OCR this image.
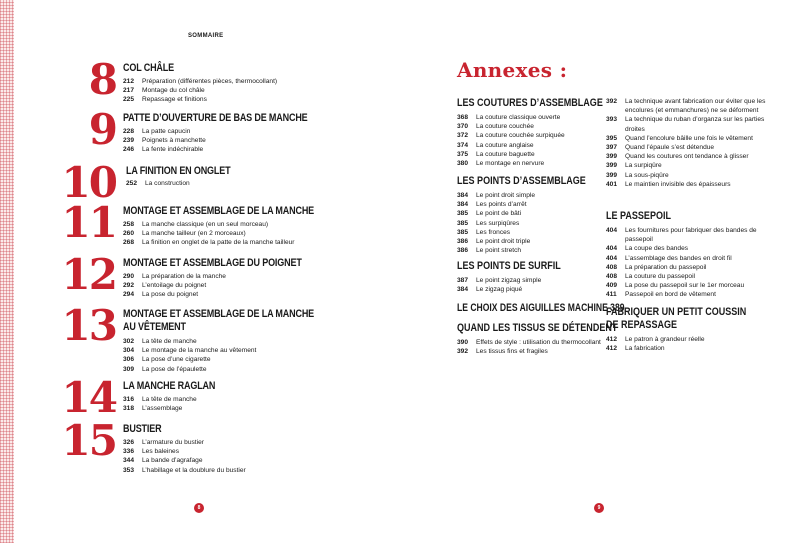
SOMMAIRE
8 COL CHÂLE
212	Préparation (différentes pièces, thermocollant)
217	Montage du col châle
225	Repassage et finitions
9 PATTE D’OUVERTURE DE BAS DE MANCHE
228	La patte capucin
239	Poignets à manchette
246	La fente indéchirable
10 LA FINITION EN ONGLET
252	La construction
11 MONTAGE ET ASSEMBLAGE DE LA MANCHE
258	La manche classique (en un seul morceau)
260	La manche tailleur (en 2 morceaux)
268	La finition en onglet de la patte de la manche tailleur
12 MONTAGE ET ASSEMBLAGE DU POIGNET
290	La préparation de la manche
292	L’entoilage du poignet
294	La pose du poignet
13 MONTAGE ET ASSEMBLAGE DE LA MANCHE
AU VÊTEMENT
302	La tête de manche
304	Le montage de la manche au vêtement
306	La pose d’une cigarette
309	La pose de l’épaulette
14 LA MANCHE RAGLAN
316	La tête de manche
318	L’assemblage
15 BUSTIER
326	L’armature du bustier
336	Les baleines
344	La bande d’agrafage
353	L’habillage et la doublure du bustier
Annexes :
LES COUTURES D’ASSEMBLAGE
368	La couture classique ouverte
370	La couture couchée
372	La couture couchée surpiquée
374	La couture anglaise
375	La couture baguette
380	Le montage en nervure
LES POINTS D’ASSEMBLAGE
384	Le point droit simple
384	Les points d’arrêt
385	Le point de bâti
385	Les surpiqûres
385	Les fronces
386	Le point droit triple
386	Le point stretch
LES POINTS DE SURFIL
387	Le point zigzag simple
384	Le zigzag piqué
LE CHOIX DES AIGUILLES MACHINE 389
QUAND LES TISSUS SE DÉTENDENT
390	Effets de style : utilisation du thermocollant
392	Les tissus fins et fragiles
392	La technique avant fabrication our éviter que les encolures (et emmanchures) ne se déforment
393	La technique du ruban d’organza sur les parties droites
395	Quand l’encolure bâille une fois le vêtement
397	Quand l’épaule s’est détendue
399	Quand les coutures ont tendance à glisser
399	La surpiqûre
399	La sous-piqûre
401	Le maintien invisible des épaisseurs
LE PASSEPOIL
404	Les fournitures pour fabriquer des bandes de passepoil
404	La coupe des bandes
404	L’assemblage des bandes en droit fil
408	La préparation du passepoil
408	La couture du passepoil
409	La pose du passepoil sur le 1er morceau
411	Passepoil en bord de vêtement
FABRIQUER UN PETIT COUSSIN
DE REPASSAGE
412	Le patron à grandeur réelle
412	La fabrication
8	9
